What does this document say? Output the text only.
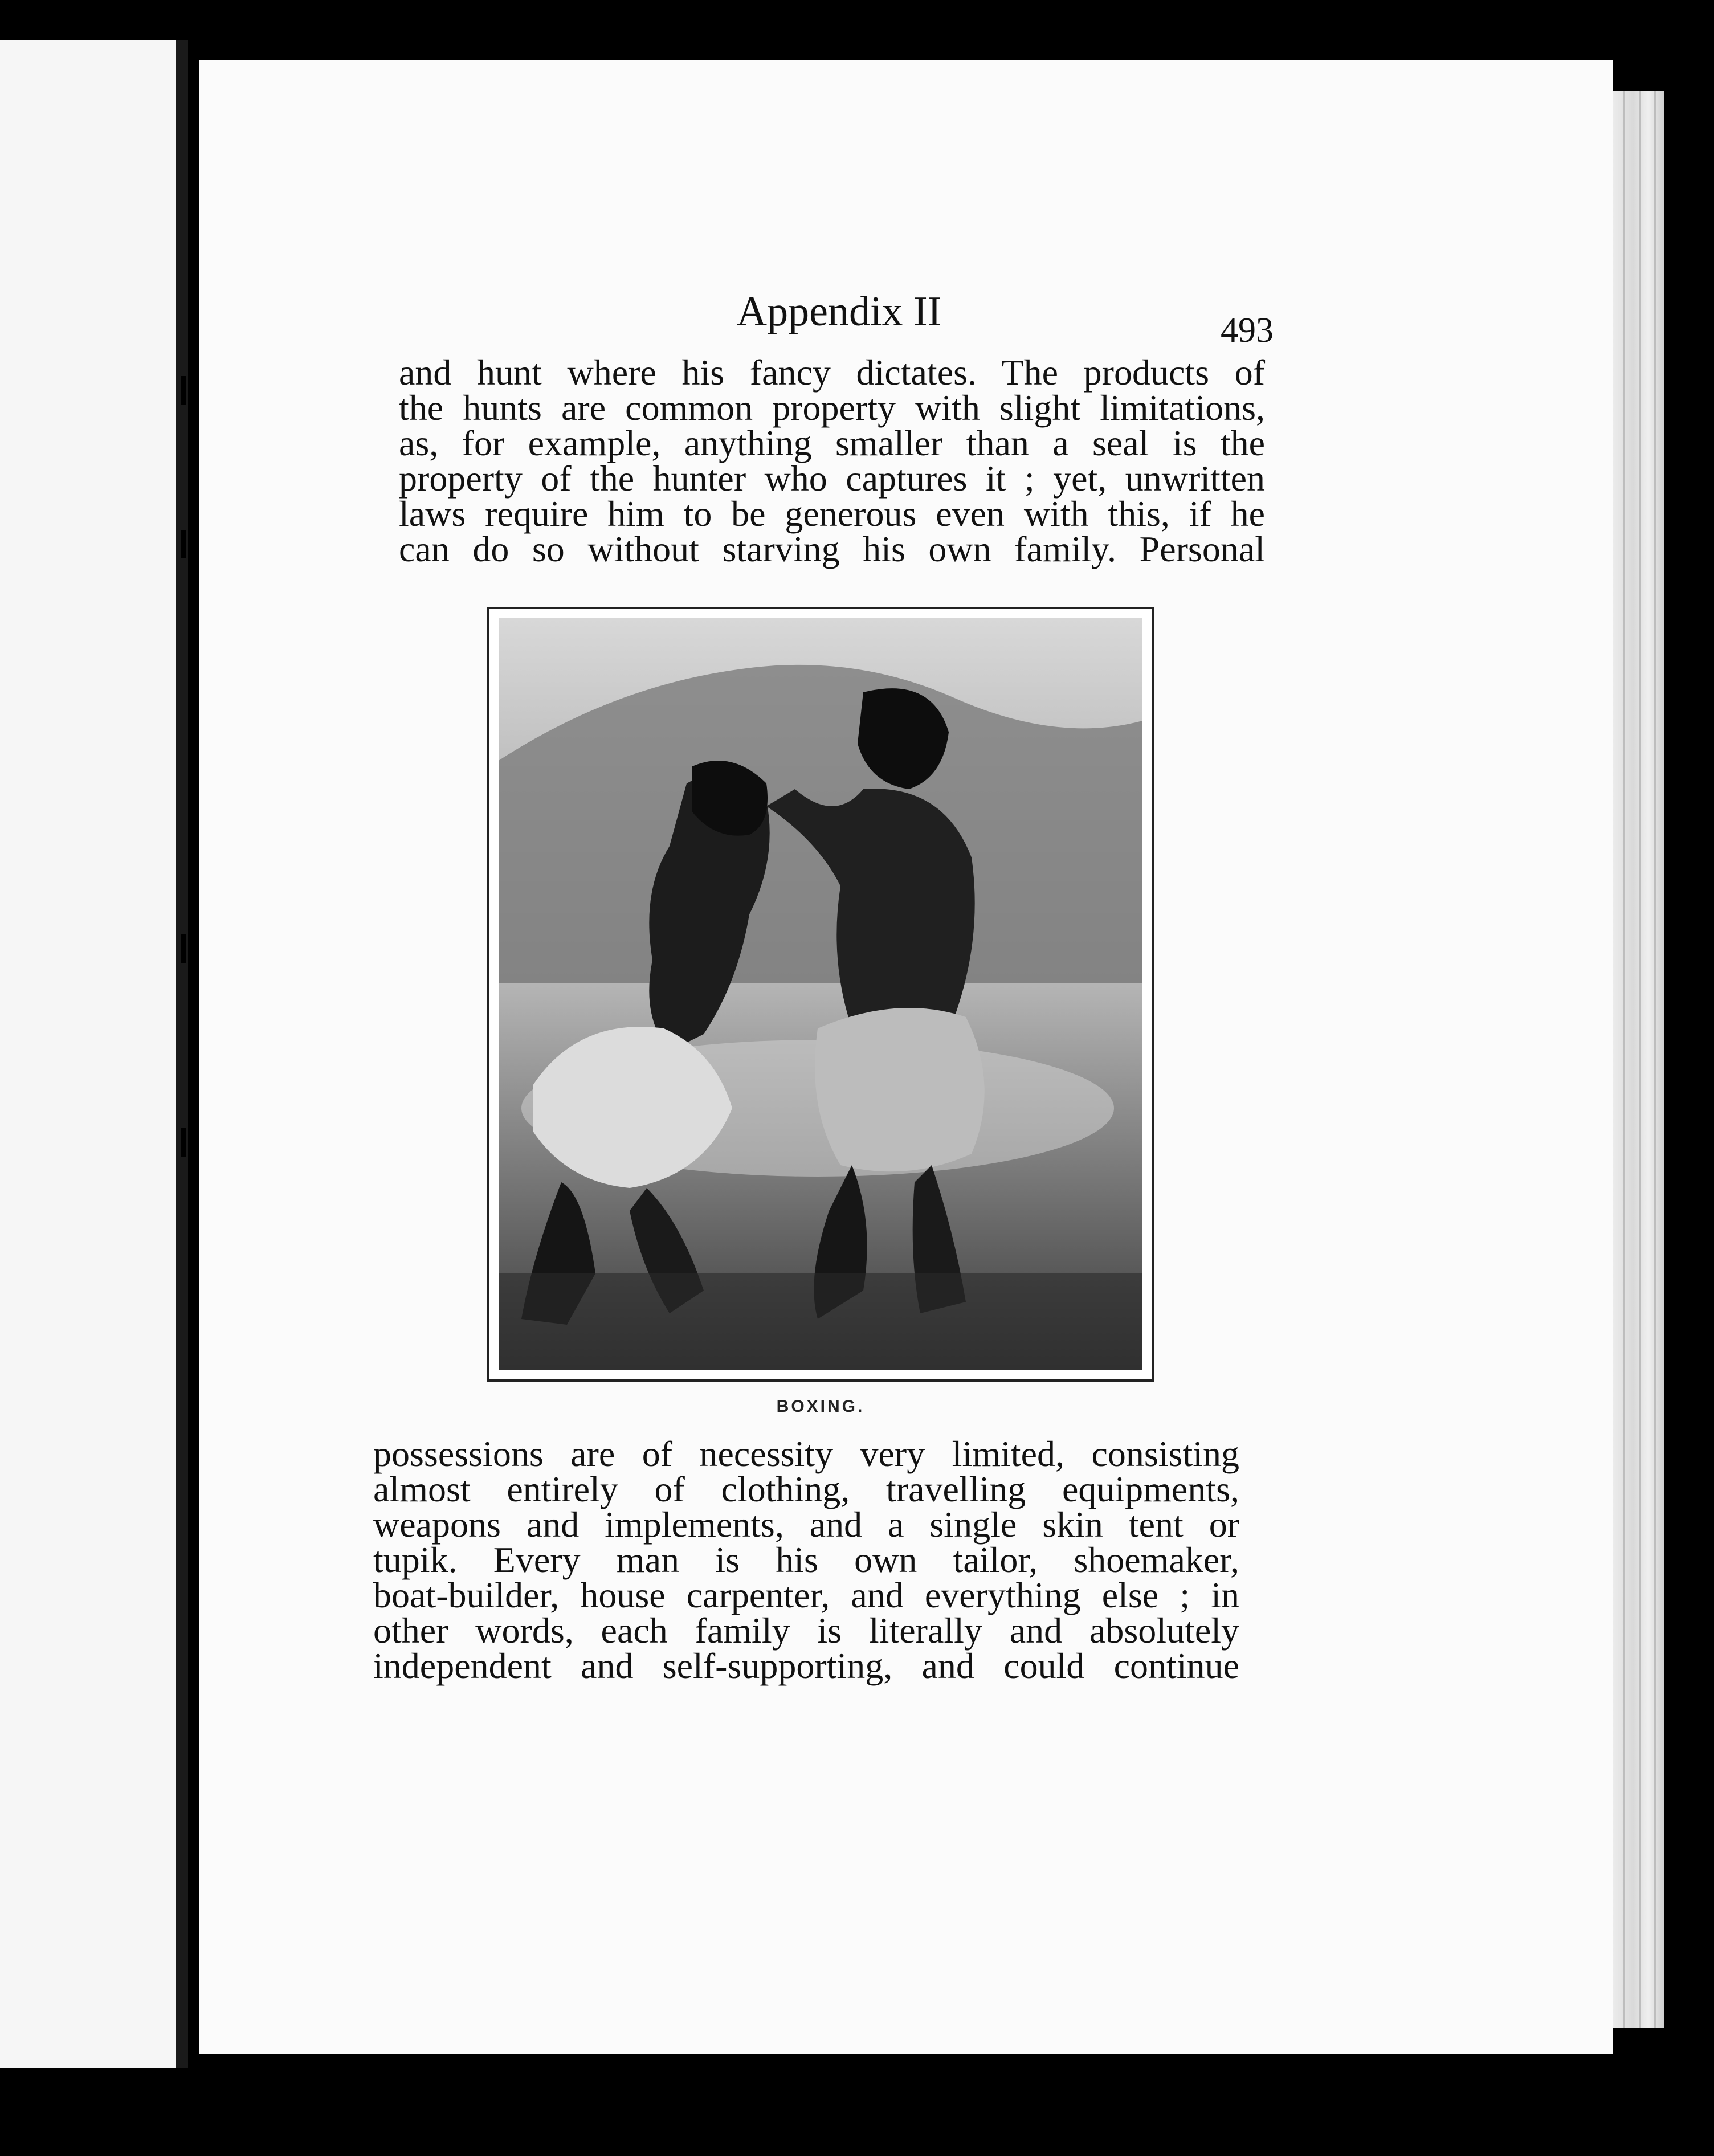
Appendix II	493
and hunt where his fancy dictates. The products of
the hunts are common property with slight limitations,
as, for example, anything smaller than a seal is the
property of the hunter who captures it ; yet, unwritten
laws require him to be generous even with this, if he
can do so without starving his own family. Personal
BOXING.
possessions are of necessity very limited, consisting
almost entirely of clothing, travelling equipments,
weapons and implements, and a single skin tent or
tupik. Every man is his own tailor, shoemaker,
boat-builder, house carpenter, and everything else ; in
other words, each family is literally and absolutely
independent and self-supporting, and could continue
